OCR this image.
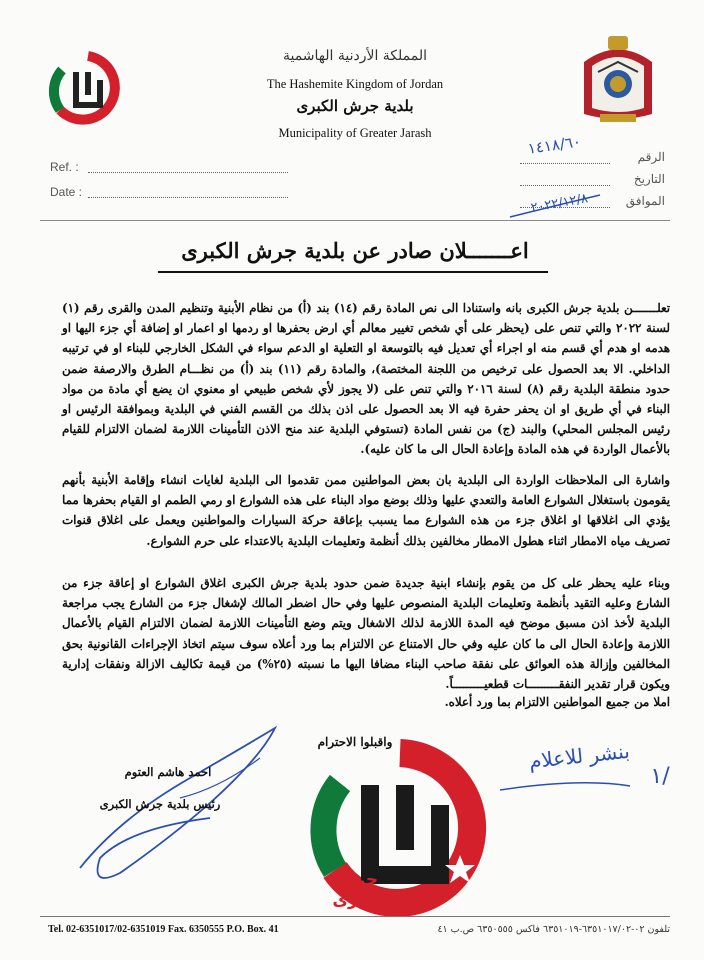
المملكة الأردنية الهاشمية
The Hashemite Kingdom of Jordan
بلدية جرش الكبرى
Municipality of Greater Jarash
Ref. :
Date :
الرقم
التاريخ
الموافق
١٤١٨/٦٠
٢٠٢٢/١٢/٨
اعـــــــلان صادر عن بلدية جرش الكبرى
تعلـــــــن بلدية جرش الكبرى بانه واستنادا الى نص المادة رقم (١٤) بند (أ) من نظام الأبنية وتنظيم المدن والقرى رقم (١) لسنة ٢٠٢٢ والتي تنص على (يحظر على أي شخص تغيير معالم أي ارض بحفرها او ردمها او اعمار او إضافة أي جزء اليها او هدمه او هدم أي قسم منه او اجراء أي تعديل فيه بالتوسعة او التعلية او الدعم سواء في الشكل الخارجي للبناء او في ترتيبه الداخلي. الا بعد الحصول على ترخيص من اللجنة المختصة)، والمادة رقم (١١) بند (أ) من نظـــام الطرق والارصفة ضمن حدود منطقة البلدية رقم (٨) لسنة ٢٠١٦ والتي تنص على (لا يجوز لأي شخص طبيعي او معنوي ان يضع أي مادة من مواد البناء في أي طريق او ان يحفر حفرة فيه الا بعد الحصول على اذن بذلك من القسم الفني في البلدية وبموافقة الرئيس او رئيس المجلس المحلي) والبند (ج) من نفس المادة (تستوفي البلدية عند منح الاذن التأمينات اللازمة لضمان الالتزام للقيام بالأعمال الواردة في هذه المادة وإعادة الحال الى ما كان عليه).
واشارة الى الملاحظات الواردة الى البلدية بان بعض المواطنين ممن تقدموا الى البلدية لغايات انشاء وإقامة الأبنية بأنهم يقومون باستغلال الشوارع العامة والتعدي عليها وذلك بوضع مواد البناء على هذه الشوارع او رمي الطمم او القيام بحفرها مما يؤدي الى اغلاقها او اغلاق جزء من هذه الشوارع مما يسبب بإعاقة حركة السيارات والمواطنين ويعمل على اغلاق قنوات تصريف مياه الامطار اثناء هطول الامطار مخالفين بذلك أنظمة وتعليمات البلدية بالاعتداء على حرم الشوارع.
وبناء عليه يحظر على كل من يقوم بإنشاء ابنية جديدة ضمن حدود بلدية جرش الكبرى اغلاق الشوارع او إعاقة جزء من الشارع وعليه التقيد بأنظمة وتعليمات البلدية المنصوص عليها وفي حال اضطر المالك لإشغال جزء من الشارع يجب مراجعة البلدية لأخذ اذن مسبق موضح فيه المدة اللازمة لذلك الاشغال ويتم وضع التأمينات اللازمة لضمان الالتزام القيام بالأعمال اللازمة وإعادة الحال الى ما كان عليه وفي حال الامتناع عن الالتزام بما ورد أعلاه سوف سيتم اتخاذ الإجراءات القانونية بحق المخالفين وإزالة هذه العوائق على نفقة صاحب البناء مضافا اليها ما نسبته (٢٥%) من قيمة تكاليف الازالة ونفقات إدارية ويكون قرار تقدير النفقـــــــــات قطعيـــــــــاً.
املا من جميع المواطنين الالتزام بما ورد أعلاه.
واقبلوا الاحترام
احمد هاشم العتوم
رئيس بلدية جرش الكبرى
بنشر للاعلام
١/
جرش
الكبرى
Tel. 02-6351017/02-6351019 Fax. 6350555 P.O. Box. 41	تلفون ٠٢-٦٣٥١٠١٧/٠٢-٦٣٥١٠١٩ فاكس ٦٣٥٠٥٥٥ ص.ب ٤١
